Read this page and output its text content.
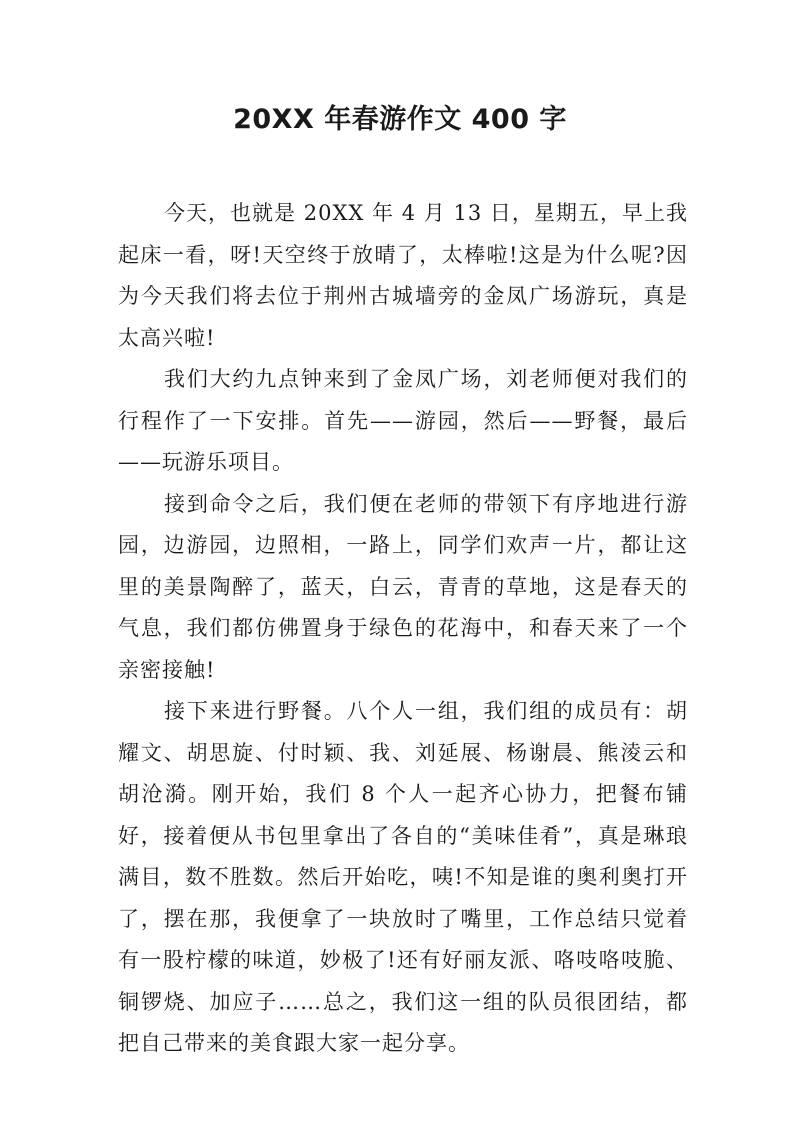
20XX 年春游作文 400 字

今天，也就是 20XX 年 4 月 13 日，星期五，早上我起床一看，呀!天空终于放晴了，太棒啦!这是为什么呢?因为今天我们将去位于荆州古城墙旁的金凤广场游玩，真是太高兴啦!

我们大约九点钟来到了金凤广场，刘老师便对我们的行程作了一下安排。首先——游园，然后——野餐，最后——玩游乐项目。

接到命令之后，我们便在老师的带领下有序地进行游园，边游园，边照相，一路上，同学们欢声一片，都让这里的美景陶醉了，蓝天，白云，青青的草地，这是春天的气息，我们都仿佛置身于绿色的花海中，和春天来了一个亲密接触!

接下来进行野餐。八个人一组，我们组的成员有：胡耀文、胡思旋、付时颖、我、刘延展、杨谢晨、熊淩云和胡沧漪。刚开始，我们 8 个人一起齐心协力，把餐布铺好，接着便从书包里拿出了各自的“美味佳肴”，真是琳琅满目，数不胜数。然后开始吃，咦!不知是谁的奥利奥打开了，摆在那，我便拿了一块放时了嘴里，工作总结只觉着有一股柠檬的味道，妙极了!还有好丽友派、咯吱咯吱脆、铜锣烧、加应子……总之，我们这一组的队员很团结，都把自己带来的美食跟大家一起分享。
